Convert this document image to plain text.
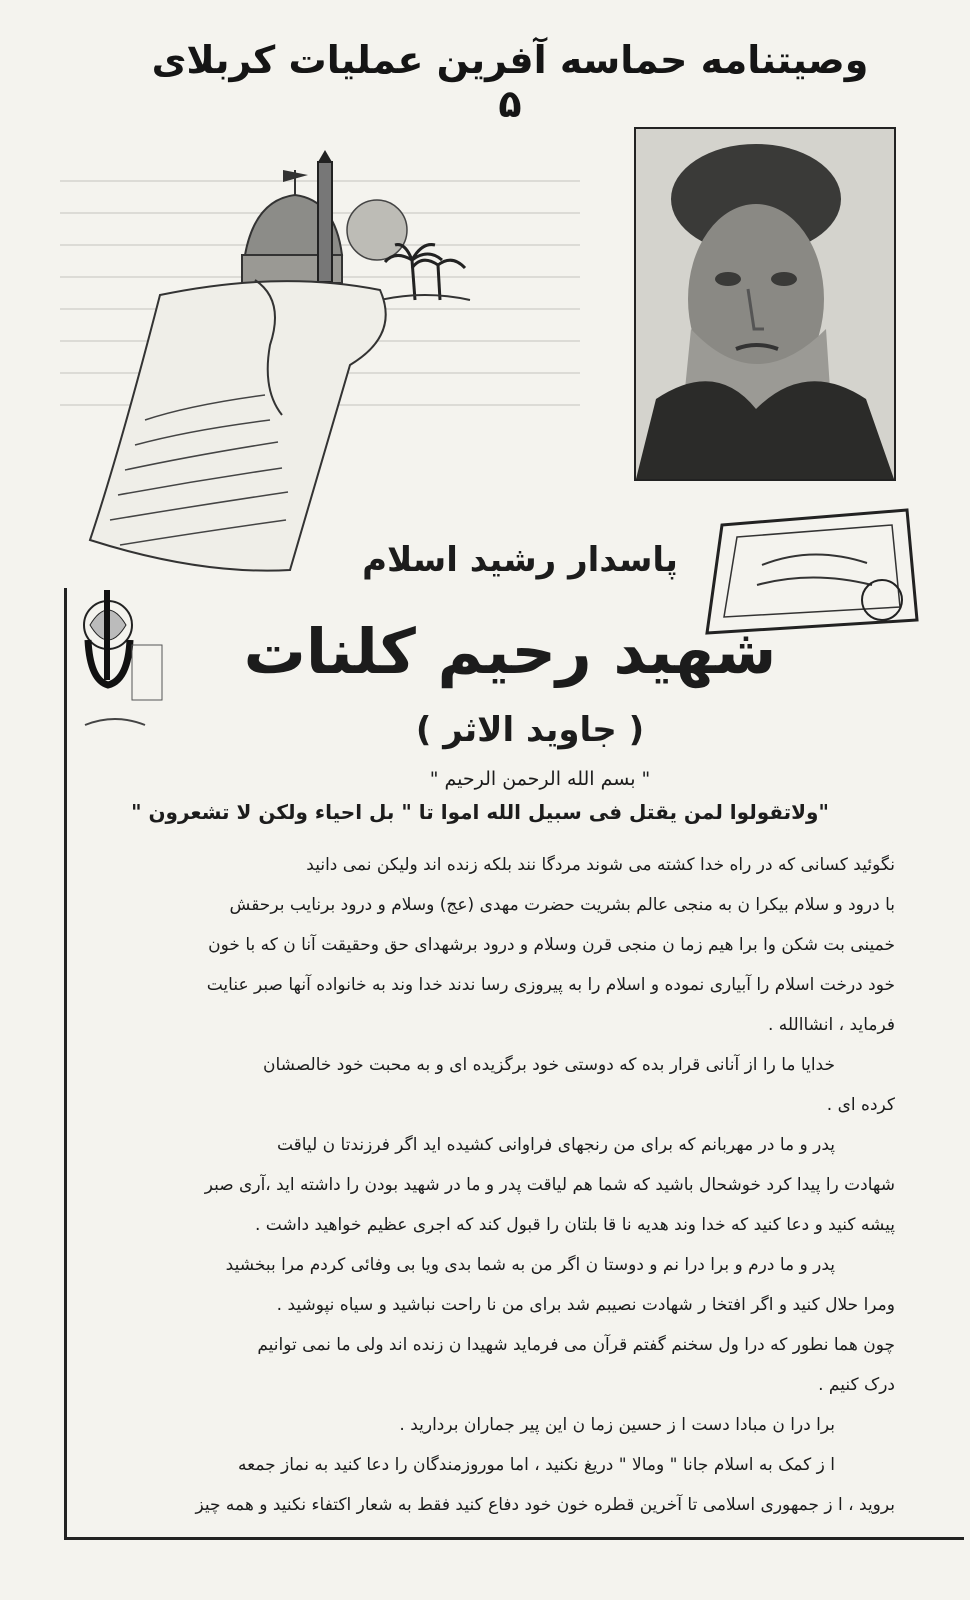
وصیتنامه حماسه آفرین عملیات کربلای ۵
پاسدار رشید اسلام
شهید رحیم کلنات
( جاوید الاثر )
" بسم الله الرحمن الرحیم "
"ولاتقولوا لمن یقتل فی سبیل الله اموا تا " بل احیاء ولکن لا تشعرون "

نگوئید کسانی که در راه خدا کشته می شوند مردگا نند بلکه زنده اند ولیکن نمی دانید

با درود و سلام بیکرا ن به منجی عالم بشریت حضرت مهدی (عج) وسلام و درود برنایب برحقش

خمینی بت شکن وا برا هیم زما ن منجی قرن وسلام و درود برشهدای حق وحقیقت آنا ن که با خون

خود درخت اسلام را آبیاری نموده و اسلام را به پیروزی رسا ندند خدا وند به خانواده آنها صبر عنایت

فرماید ، انشاالله .

خدایا ما را از آنانی قرار بده که دوستی خود برگزیده ای و به محبت خود خالصشان

کرده ای .

پدر و ما در مهربانم که برای من رنجهای فراوانی کشیده اید اگر فرزندتا ن لیاقت

شهادت را پیدا کرد خوشحال باشید که شما هم لیاقت پدر و ما در شهید بودن را داشته اید ،آری صبر

پیشه کنید و دعا کنید که خدا وند هدیه نا قا بلتان را قبول کند که اجری عظیم خواهید داشت .

پدر و ما درم و برا درا نم و دوستا ن اگر من به شما بدی ویا بی وفائی کردم مرا ببخشید

ومرا حلال کنید و اگر افتخا ر شهادت نصیبم شد برای من نا راحت نباشید و سیاه نپوشید .

چون هما نطور که درا ول سخنم گفتم قرآن می فرماید شهیدا ن زنده اند ولی ما نمی توانیم

درک کنیم .

برا درا ن مبادا دست ا ز حسین زما ن این پیر جماران بردارید .

ا ز کمک به اسلام جانا " ومالا " دریغ نکنید ، اما موروزمندگان را دعا کنید به نماز جمعه

بروید ، ا ز جمهوری اسلامی تا آخرین قطره خون خود دفاع کنید فقط به شعار اکتفاء نکنید و همه چیز
